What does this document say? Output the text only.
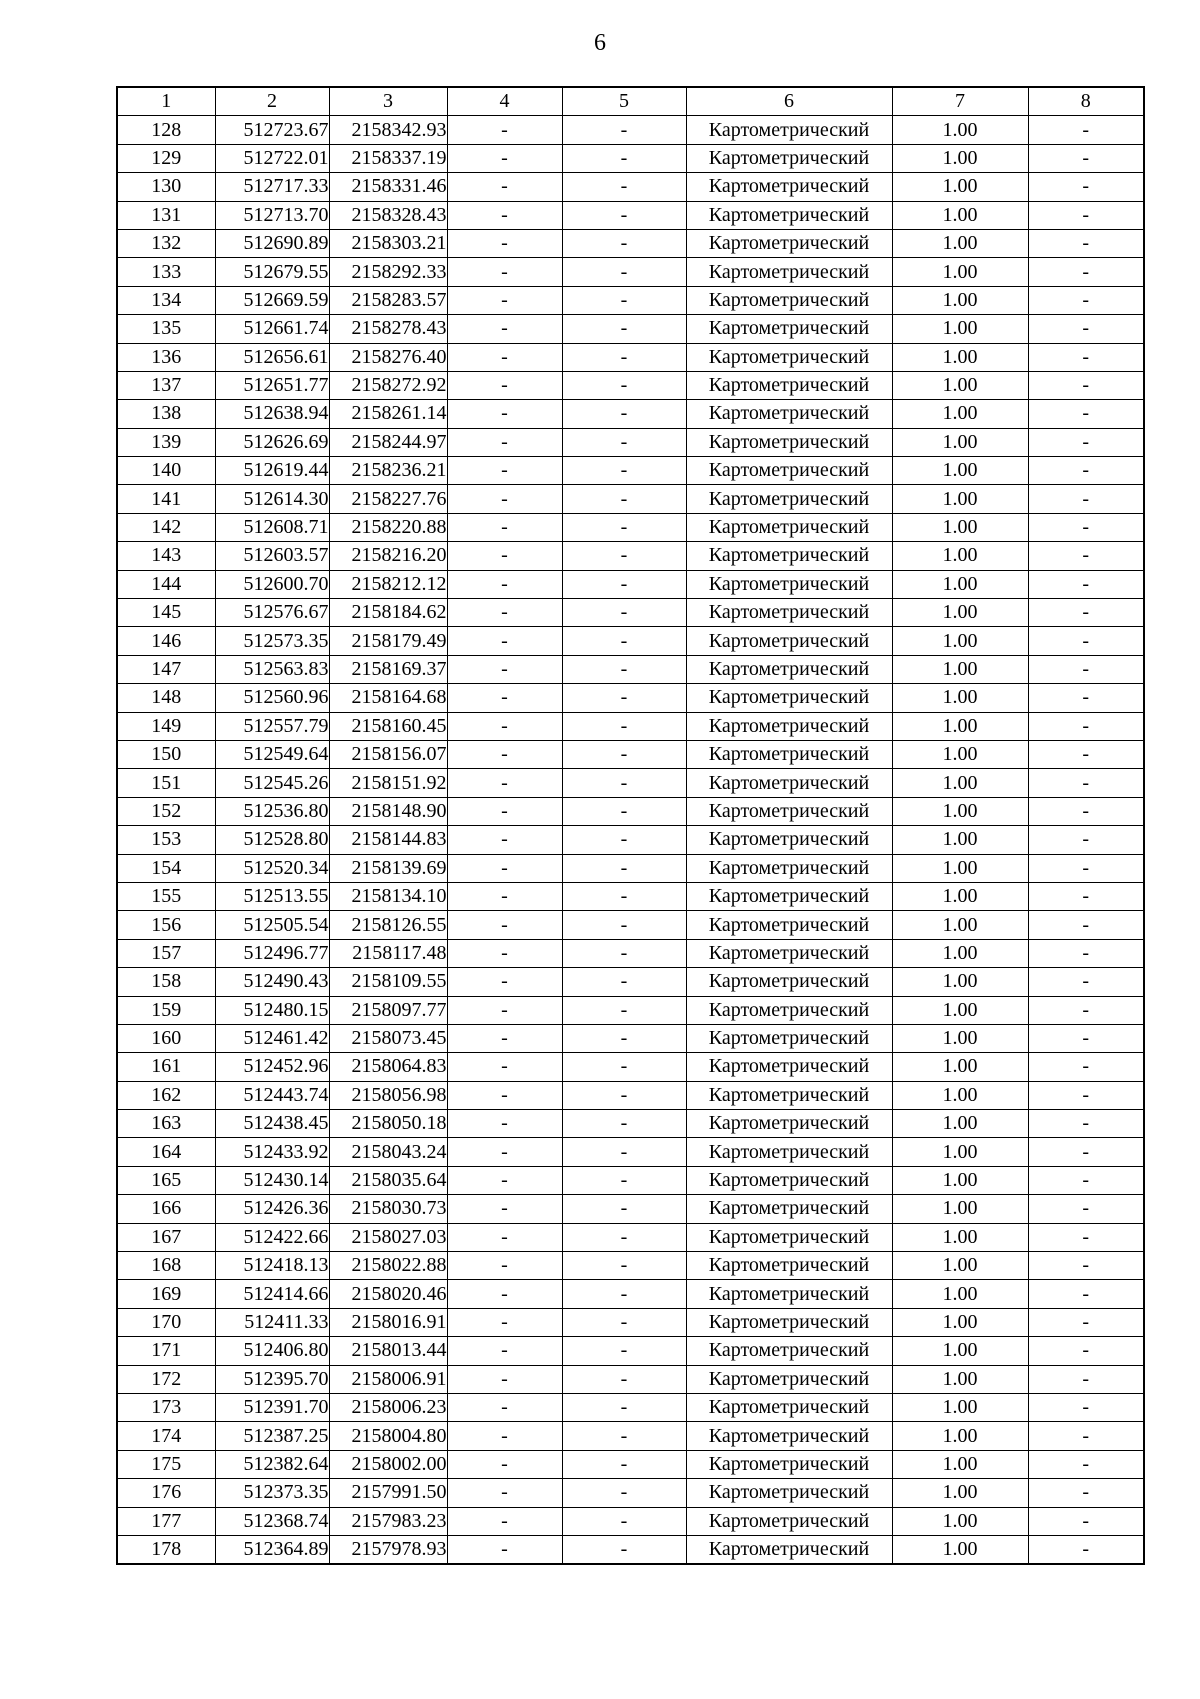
6
1	2	3	4	5	6	7	8
128	512723.67	2158342.93	-	-	Картометрический	1.00	-
129	512722.01	2158337.19	-	-	Картометрический	1.00	-
130	512717.33	2158331.46	-	-	Картометрический	1.00	-
131	512713.70	2158328.43	-	-	Картометрический	1.00	-
132	512690.89	2158303.21	-	-	Картометрический	1.00	-
133	512679.55	2158292.33	-	-	Картометрический	1.00	-
134	512669.59	2158283.57	-	-	Картометрический	1.00	-
135	512661.74	2158278.43	-	-	Картометрический	1.00	-
136	512656.61	2158276.40	-	-	Картометрический	1.00	-
137	512651.77	2158272.92	-	-	Картометрический	1.00	-
138	512638.94	2158261.14	-	-	Картометрический	1.00	-
139	512626.69	2158244.97	-	-	Картометрический	1.00	-
140	512619.44	2158236.21	-	-	Картометрический	1.00	-
141	512614.30	2158227.76	-	-	Картометрический	1.00	-
142	512608.71	2158220.88	-	-	Картометрический	1.00	-
143	512603.57	2158216.20	-	-	Картометрический	1.00	-
144	512600.70	2158212.12	-	-	Картометрический	1.00	-
145	512576.67	2158184.62	-	-	Картометрический	1.00	-
146	512573.35	2158179.49	-	-	Картометрический	1.00	-
147	512563.83	2158169.37	-	-	Картометрический	1.00	-
148	512560.96	2158164.68	-	-	Картометрический	1.00	-
149	512557.79	2158160.45	-	-	Картометрический	1.00	-
150	512549.64	2158156.07	-	-	Картометрический	1.00	-
151	512545.26	2158151.92	-	-	Картометрический	1.00	-
152	512536.80	2158148.90	-	-	Картометрический	1.00	-
153	512528.80	2158144.83	-	-	Картометрический	1.00	-
154	512520.34	2158139.69	-	-	Картометрический	1.00	-
155	512513.55	2158134.10	-	-	Картометрический	1.00	-
156	512505.54	2158126.55	-	-	Картометрический	1.00	-
157	512496.77	2158117.48	-	-	Картометрический	1.00	-
158	512490.43	2158109.55	-	-	Картометрический	1.00	-
159	512480.15	2158097.77	-	-	Картометрический	1.00	-
160	512461.42	2158073.45	-	-	Картометрический	1.00	-
161	512452.96	2158064.83	-	-	Картометрический	1.00	-
162	512443.74	2158056.98	-	-	Картометрический	1.00	-
163	512438.45	2158050.18	-	-	Картометрический	1.00	-
164	512433.92	2158043.24	-	-	Картометрический	1.00	-
165	512430.14	2158035.64	-	-	Картометрический	1.00	-
166	512426.36	2158030.73	-	-	Картометрический	1.00	-
167	512422.66	2158027.03	-	-	Картометрический	1.00	-
168	512418.13	2158022.88	-	-	Картометрический	1.00	-
169	512414.66	2158020.46	-	-	Картометрический	1.00	-
170	512411.33	2158016.91	-	-	Картометрический	1.00	-
171	512406.80	2158013.44	-	-	Картометрический	1.00	-
172	512395.70	2158006.91	-	-	Картометрический	1.00	-
173	512391.70	2158006.23	-	-	Картометрический	1.00	-
174	512387.25	2158004.80	-	-	Картометрический	1.00	-
175	512382.64	2158002.00	-	-	Картометрический	1.00	-
176	512373.35	2157991.50	-	-	Картометрический	1.00	-
177	512368.74	2157983.23	-	-	Картометрический	1.00	-
178	512364.89	2157978.93	-	-	Картометрический	1.00	-
